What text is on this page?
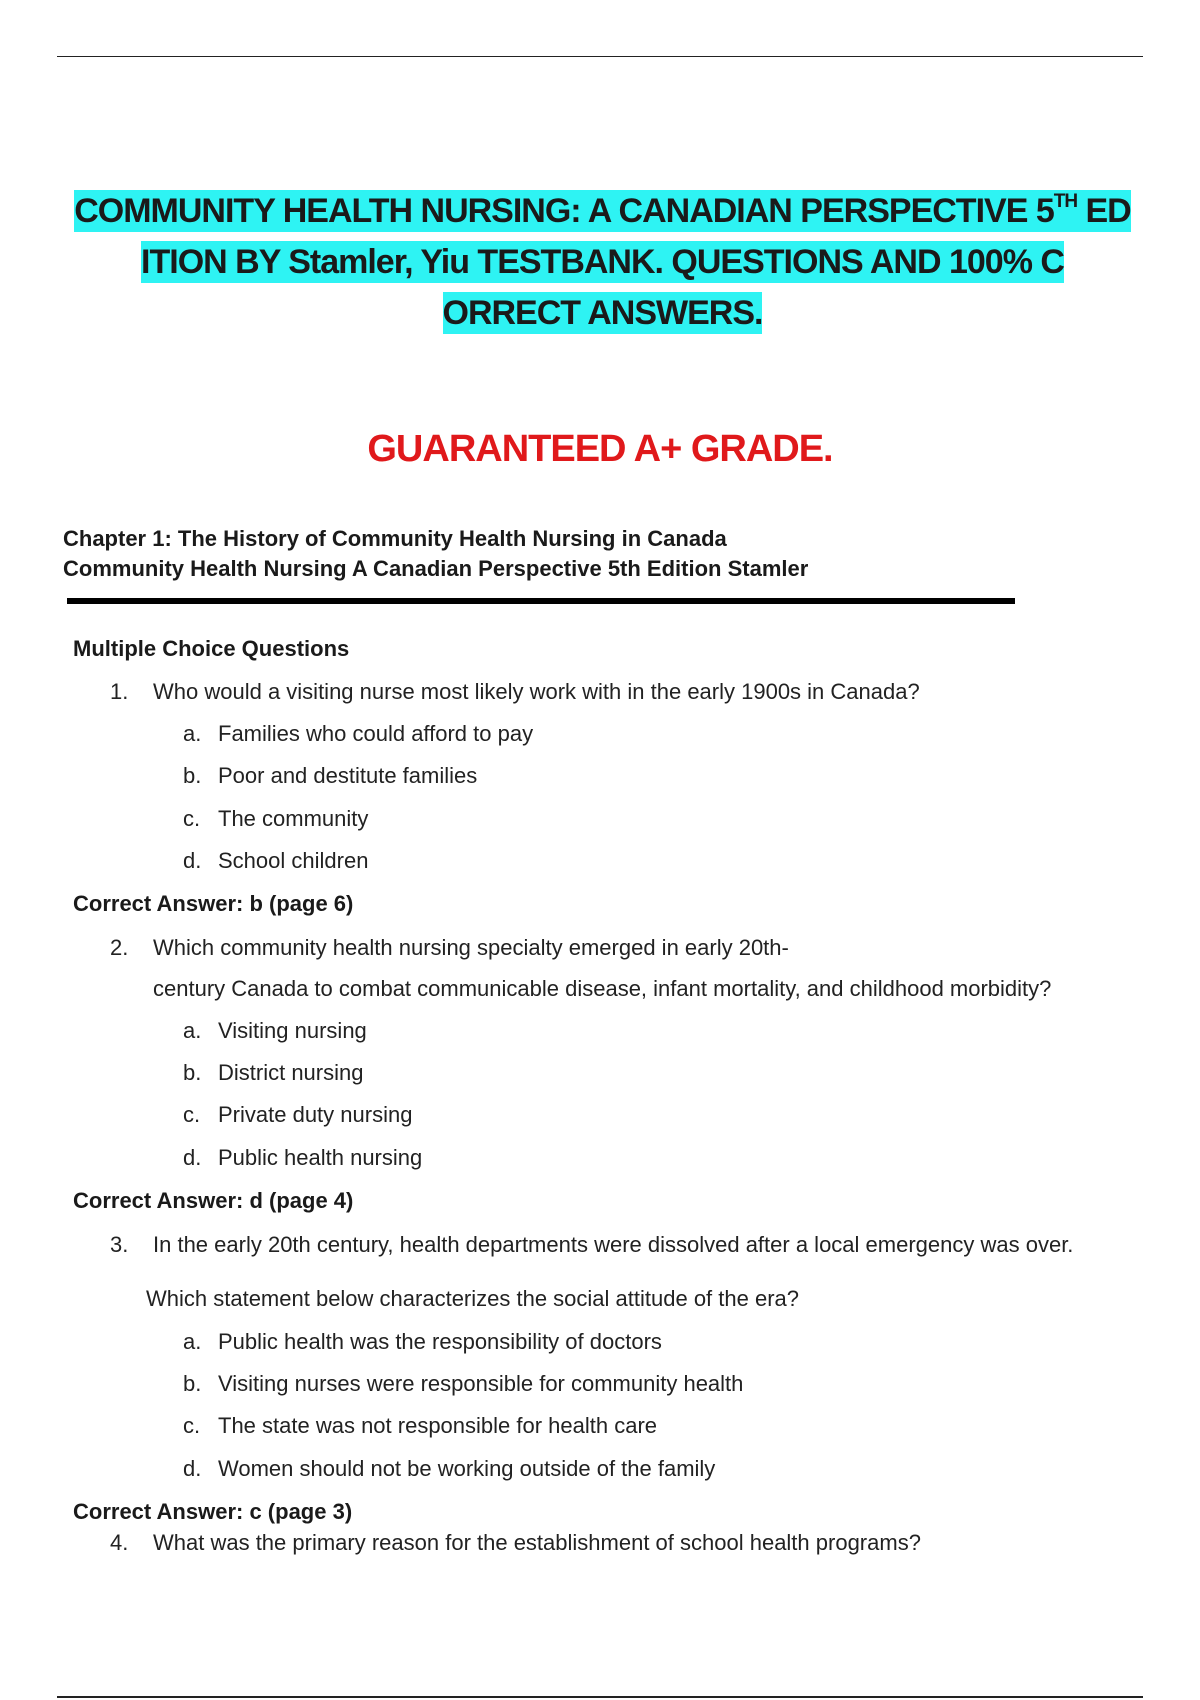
COMMUNITY HEALTH NURSING: A CANADIAN PERSPECTIVE 5TH ED
ITION BY Stamler, Yiu TESTBANK. QUESTIONS AND 100% C
ORRECT ANSWERS.
GUARANTEED A+ GRADE.
Chapter 1: The History of Community Health Nursing in Canada
Community Health Nursing A Canadian Perspective 5th Edition Stamler
Multiple Choice Questions
1. Who would a visiting nurse most likely work with in the early 1900s in Canada?
a. Families who could afford to pay
b. Poor and destitute families
c. The community
d. School children
Correct Answer: b (page 6)
2. Which community health nursing specialty emerged in early 20th-
century Canada to combat communicable disease, infant mortality, and childhood morbidity?
a. Visiting nursing
b. District nursing
c. Private duty nursing
d. Public health nursing
Correct Answer: d (page 4)
3. In the early 20th century, health departments were dissolved after a local emergency was over.
Which statement below characterizes the social attitude of the era?
a. Public health was the responsibility of doctors
b. Visiting nurses were responsible for community health
c. The state was not responsible for health care
d. Women should not be working outside of the family
Correct Answer: c (page 3)
4. What was the primary reason for the establishment of school health programs?
